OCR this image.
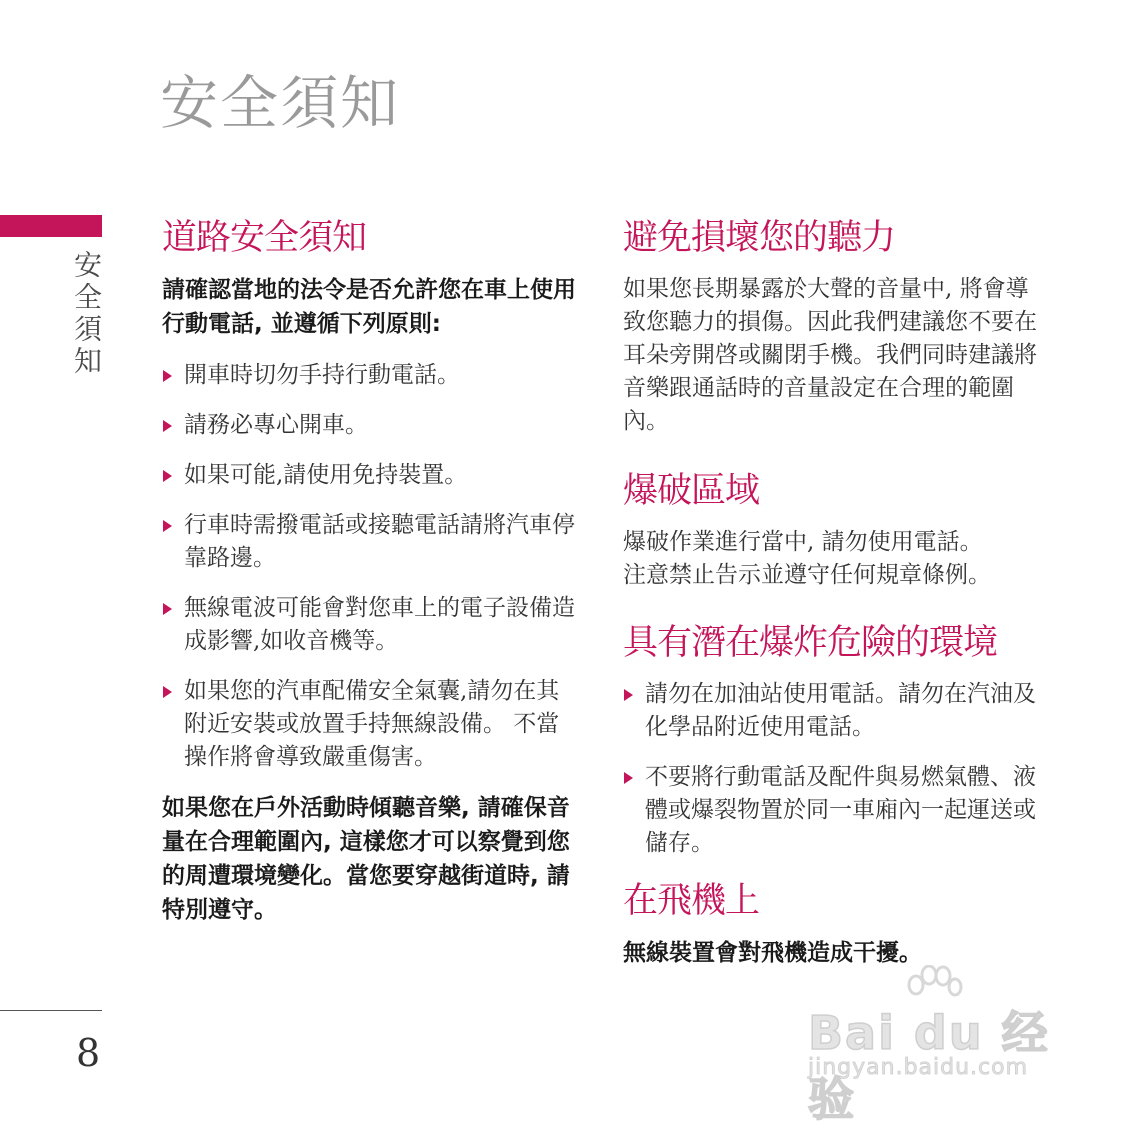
安全須知
安全須知
8
道路安全須知

請確認當地的法令是否允許您在車上使用行動電話, 並遵循下列原則:

開車時切勿手持行動電話。
請務必專心開車。
如果可能,請使用免持裝置。
行車時需撥電話或接聽電話請將汽車停靠路邊。
無線電波可能會對您車上的電子設備造成影響,如收音機等。
如果您的汽車配備安全氣囊,請勿在其附近安裝或放置手持無線設備。 不當操作將會導致嚴重傷害。

如果您在戶外活動時傾聽音樂, 請確保音量在合理範圍內, 這樣您才可以察覺到您的周遭環境變化。當您要穿越街道時, 請特別遵守。

避免損壞您的聽力

如果您長期暴露於大聲的音量中, 將會導致您聽力的損傷。因此我們建議您不要在耳朵旁開啓或關閉手機。我們同時建議將音樂跟通話時的音量設定在合理的範圍內。

爆破區域

爆破作業進行當中, 請勿使用電話。

注意禁止告示並遵守任何規章條例。

具有潛在爆炸危險的環境
請勿在加油站使用電話。請勿在汽油及化學品附近使用電話。
不要將行動電話及配件與易燃氣體、液體或爆裂物置於同一車廂內一起運送或儲存。
在飛機上

無線裝置會對飛機造成干擾。

Bai du 经验
jingyan.baidu.com
